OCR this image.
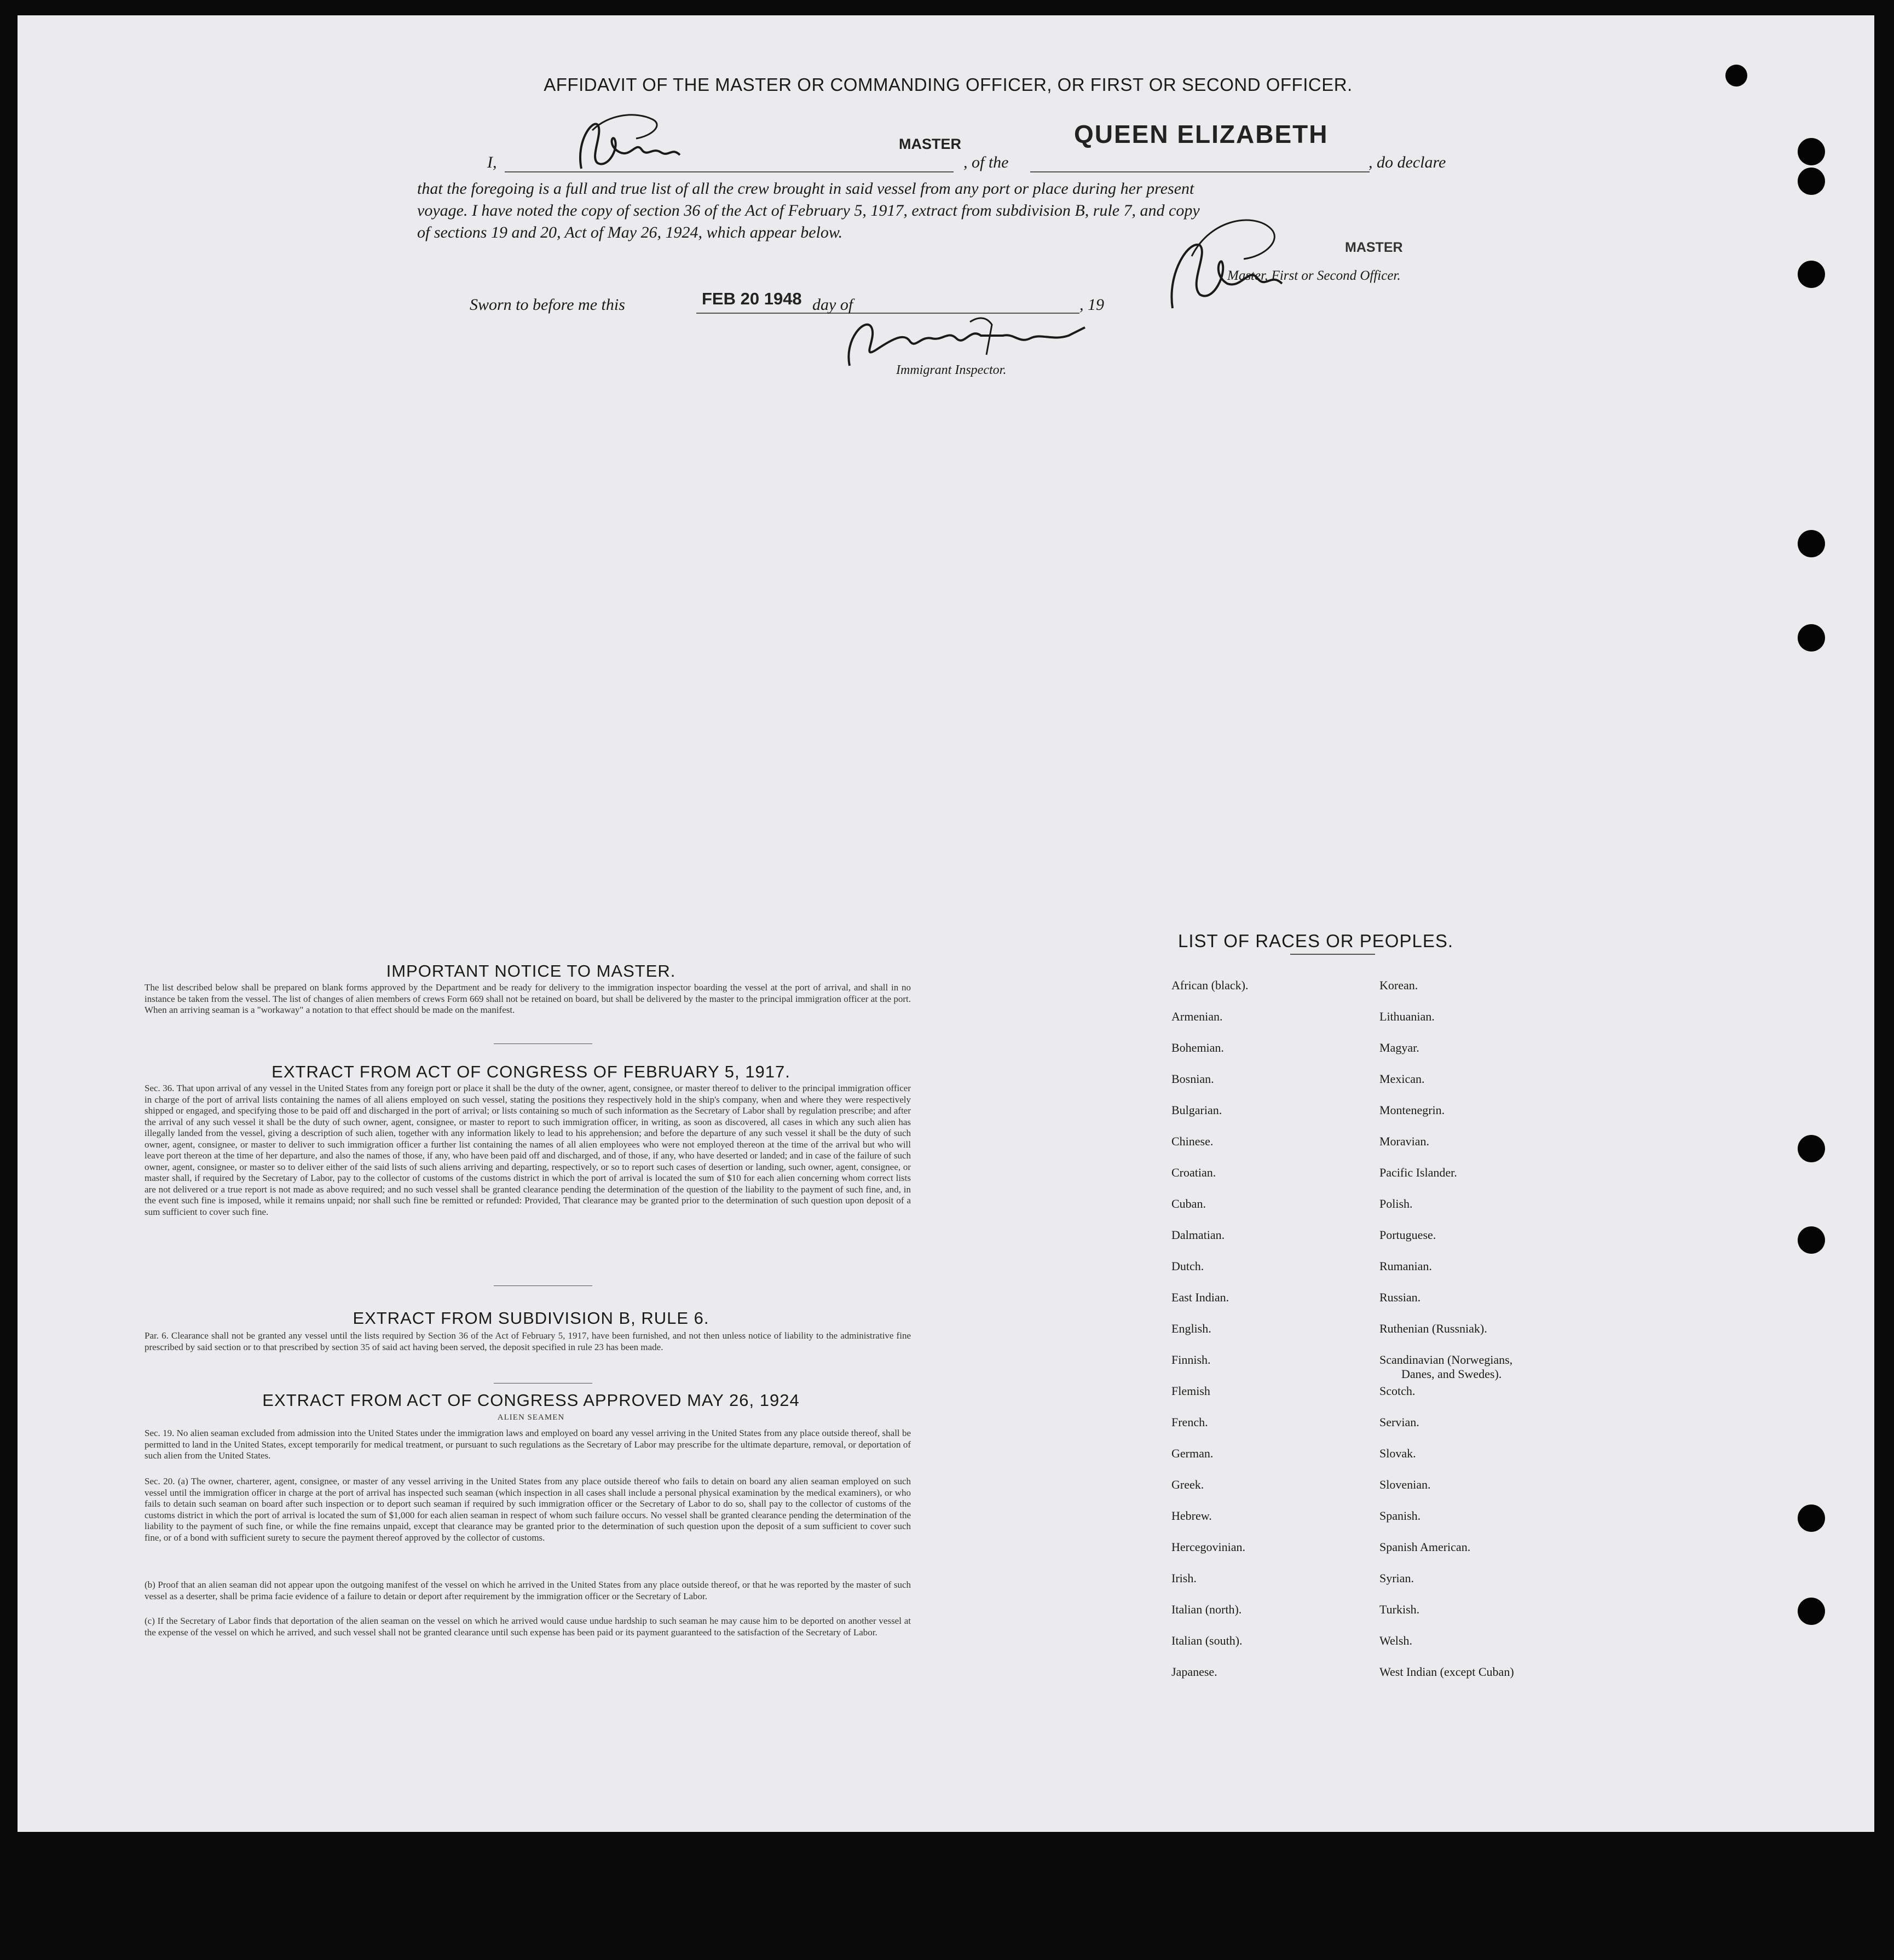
AFFIDAVIT OF THE MASTER OR COMMANDING OFFICER, OR FIRST OR SECOND OFFICER.
I,
MASTER
, of the
QUEEN ELIZABETH
, do declare
that the foregoing is a full and true list of all the crew brought in said vessel from any port or place during her present
voyage. I have noted the copy of section 36 of the Act of February 5, 1917, extract from subdivision B, rule 7, and copy
of sections 19 and 20, Act of May 26, 1924, which appear below.
MASTER
Master, First or Second Officer.
Sworn to before me this	FEB 20 1948 day of	, 19
Immigrant Inspector.
IMPORTANT NOTICE TO MASTER.
The list described below shall be prepared on blank forms approved by the Department and be ready for delivery to the immigration inspector boarding the vessel at the port of arrival, and shall in no instance be taken from the vessel. The list of changes of alien members of crews Form 669 shall not be retained on board, but shall be delivered by the master to the principal immigration officer at the port. When an arriving seaman is a "workaway" a notation to that effect should be made on the manifest.
EXTRACT FROM ACT OF CONGRESS OF FEBRUARY 5, 1917.
Sec. 36. That upon arrival of any vessel in the United States from any foreign port or place it shall be the duty of the owner, agent, consignee, or master thereof to deliver to the principal immigration officer in charge of the port of arrival lists containing the names of all aliens employed on such vessel, stating the positions they respectively hold in the ship's company, when and where they were respectively shipped or engaged, and specifying those to be paid off and discharged in the port of arrival; or lists containing so much of such information as the Secretary of Labor shall by regulation prescribe; and after the arrival of any such vessel it shall be the duty of such owner, agent, consignee, or master to report to such immigration officer, in writing, as soon as discovered, all cases in which any such alien has illegally landed from the vessel, giving a description of such alien, together with any information likely to lead to his apprehension; and before the departure of any such vessel it shall be the duty of such owner, agent, consignee, or master to deliver to such immigration officer a further list containing the names of all alien employees who were not employed thereon at the time of the arrival but who will leave port thereon at the time of her departure, and also the names of those, if any, who have been paid off and discharged, and of those, if any, who have deserted or landed; and in case of the failure of such owner, agent, consignee, or master so to deliver either of the said lists of such aliens arriving and departing, respectively, or so to report such cases of desertion or landing, such owner, agent, consignee, or master shall, if required by the Secretary of Labor, pay to the collector of customs of the customs district in which the port of arrival is located the sum of $10 for each alien concerning whom correct lists are not delivered or a true report is not made as above required; and no such vessel shall be granted clearance pending the determination of the question of the liability to the payment of such fine, and, in the event such fine is imposed, while it remains unpaid; nor shall such fine be remitted or refunded: Provided, That clearance may be granted prior to the determination of such question upon deposit of a sum sufficient to cover such fine.
EXTRACT FROM SUBDIVISION B, RULE 6.
Par. 6. Clearance shall not be granted any vessel until the lists required by Section 36 of the Act of February 5, 1917, have been furnished, and not then unless notice of liability to the administrative fine prescribed by said section or to that prescribed by section 35 of said act having been served, the deposit specified in rule 23 has been made.
EXTRACT FROM ACT OF CONGRESS APPROVED MAY 26, 1924
ALIEN SEAMEN
Sec. 19. No alien seaman excluded from admission into the United States under the immigration laws and employed on board any vessel arriving in the United States from any place outside thereof, shall be permitted to land in the United States, except temporarily for medical treatment, or pursuant to such regulations as the Secretary of Labor may prescribe for the ultimate departure, removal, or deportation of such alien from the United States.
Sec. 20. (a) The owner, charterer, agent, consignee, or master of any vessel arriving in the United States from any place outside thereof who fails to detain on board any alien seaman employed on such vessel until the immigration officer in charge at the port of arrival has inspected such seaman (which inspection in all cases shall include a personal physical examination by the medical examiners), or who fails to detain such seaman on board after such inspection or to deport such seaman if required by such immigration officer or the Secretary of Labor to do so, shall pay to the collector of customs of the customs district in which the port of arrival is located the sum of $1,000 for each alien seaman in respect of whom such failure occurs. No vessel shall be granted clearance pending the determination of the liability to the payment of such fine, or while the fine remains unpaid, except that clearance may be granted prior to the determination of such question upon the deposit of a sum sufficient to cover such fine, or of a bond with sufficient surety to secure the payment thereof approved by the collector of customs.
(b) Proof that an alien seaman did not appear upon the outgoing manifest of the vessel on which he arrived in the United States from any place outside thereof, or that he was reported by the master of such vessel as a deserter, shall be prima facie evidence of a failure to detain or deport after requirement by the immigration officer or the Secretary of Labor.
(c) If the Secretary of Labor finds that deportation of the alien seaman on the vessel on which he arrived would cause undue hardship to such seaman he may cause him to be deported on another vessel at the expense of the vessel on which he arrived, and such vessel shall not be granted clearance until such expense has been paid or its payment guaranteed to the satisfaction of the Secretary of Labor.
LIST OF RACES OR PEOPLES.
African (black).
Armenian.
Bohemian.
Bosnian.
Bulgarian.
Chinese.
Croatian.
Cuban.
Dalmatian.
Dutch.
East Indian.
English.
Finnish.
Flemish
French.
German.
Greek.
Hebrew.
Hercegovinian.
Irish.
Italian (north).
Italian (south).
Japanese.
Korean.
Lithuanian.
Magyar.
Mexican.
Montenegrin.
Moravian.
Pacific Islander.
Polish.
Portuguese.
Rumanian.
Russian.
Ruthenian (Russniak).
Scandinavian (Norwegians,
Danes, and Swedes).
Scotch.
Servian.
Slovak.
Slovenian.
Spanish.
Spanish American.
Syrian.
Turkish.
Welsh.
West Indian (except Cuban)
